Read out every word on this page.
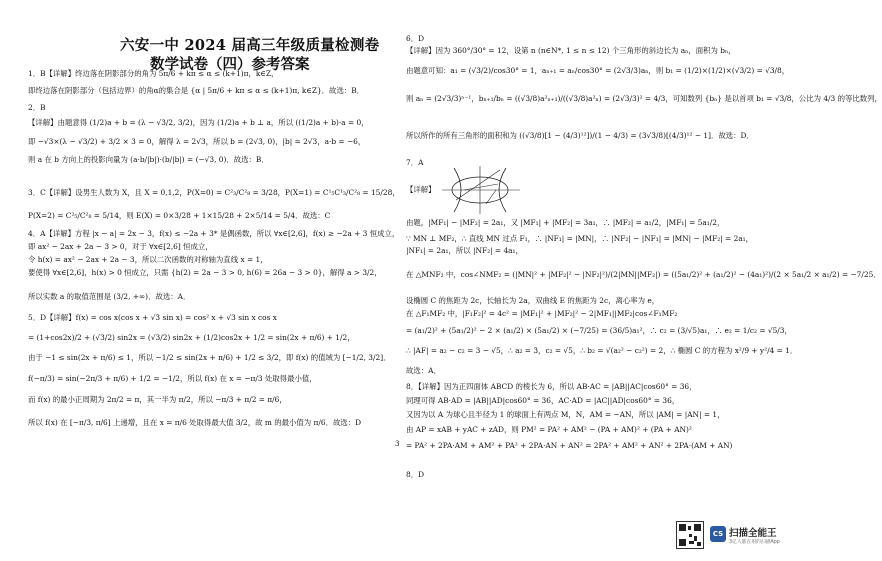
六安一中 2024 届高三年级质量检测卷
数学试卷（四）参考答案
1．B【详解】终边落在阴影部分的角为 5π/6 + kπ ≤ α ≤ (k+1)π，k∈Z，
即终边落在阴影部分（包括边界）的角α的集合是 {α | 5π/6 + kπ ≤ α ≤ (k+1)π, k∈Z}．故选：B．
2．B
【详解】由题意得 (1/2)a + b = (λ − √3/2, 3/2)，因为 (1/2)a + b ⊥ a，所以 ((1/2)a + b)·a = 0，
即 −√3×(λ − √3/2) + 3/2 × 3 = 0，解得 λ = 2√3，所以 b = (2√3, 0)，|b| = 2√3，a·b = −6，
则 a 在 b 方向上的投影向量为 (a·b/|b|)·(b/|b|) = (−√3, 0)．故选：B．
3．C【详解】设男生人数为 X，且 X = 0,1,2，P(X=0) = C²₃/C²₈ = 3/28，P(X=1) = C¹₅C¹₃/C²₈ = 15/28，
P(X=2) = C²₅/C²₈ = 5/14，则 E(X) = 0×3/28 + 1×15/28 + 2×5/14 = 5/4．故选：C
4．A【详解】方程 |x − a| = 2x − 3，f(x) ≤ −2a + 3* 是偶函数，所以 ∀x∈[2,6]，f(x) ≥ −2a + 3 恒成立，
即 ax² − 2ax + 2a − 3 > 0，对于 ∀x∈[2,6] 恒成立，
令 h(x) = ax² − 2ax + 2a − 3，所以二次函数的对称轴为直线 x = 1，
要使得 ∀x∈[2,6]，h(x) > 0 恒成立，只需 {h(2) = 2a − 3 > 0, h(6) = 26a − 3 > 0}，解得 a > 3/2，
所以实数 a 的取值范围是 (3/2, +∞)．故选：A．
5．D【详解】f(x) = cos x(cos x + √3 sin x) = cos² x + √3 sin x cos x
= (1+cos2x)/2 + (√3/2) sin2x = (√3/2) sin2x + (1/2)cos2x + 1/2 = sin(2x + π/6) + 1/2，
由于 −1 ≤ sin(2x + π/6) ≤ 1，所以 −1/2 ≤ sin(2x + π/6) + 1/2 ≤ 3/2，即 f(x) 的值域为 [−1/2, 3/2]．
f(−π/3) = sin(−2π/3 + π/6) + 1/2 = −1/2，所以 f(x) 在 x = −π/3 处取得最小值，
而 f(x) 的最小正周期为 2π/2 = π，其一半为 π/2，所以 −π/3 + π/2 = π/6，
所以 f(x) 在 [−π/3, π/6] 上递增，且在 x = π/6 处取得最大值 3/2，故 m 的最小值为 π/6．故选：D
6．D
【详解】因为 360°/30° = 12，设第 n (n∈N*, 1 ≤ n ≤ 12) 个三角形的斜边长为 aₙ，面积为 bₙ，
由题意可知：a₁ = (√3/2)/cos30° = 1，aₙ₊₁ = aₙ/cos30° = (2√3/3)aₙ，则 b₁ = (1/2)×(1/2)×(√3/2) = √3/8，
则 aₙ = (2√3/3)ⁿ⁻¹，bₙ₊₁/bₙ = ((√3/8)a²ₙ₊₁)/((√3/8)a²ₙ) = (2√3/3)² = 4/3，可知数列 {bₙ} 是以首项 b₁ = √3/8，公比为 4/3 的等比数列，
所以所作的所有三角形的面积和为 ((√3/8)[1 − (4/3)¹²])/(1 − 4/3) = (3√3/8)[(4/3)¹² − 1]．故选：D．
7．A
【详解】
由题，|MF₁| − |MF₂| = 2a₁，又 |MF₁| + |MF₂| = 3a₁，∴ |MF₂| = a₁/2，|MF₁| = 5a₁/2，
∵ MN ⊥ MF₂，∴ 直线 MN 过点 F₁，∴ |NF₁| = |MN|，∴ |NF₂| − |NF₁| = |MN| − |MF₂| = 2a₁，
|NF₁| = 2a₁，所以 |NF₂| = 4a₁，
在 △MNF₂ 中，cos∠NMF₂ = (|MN|² + |MF₂|² − |NF₂|²)/(2|MN||MF₂|) = ((5a₁/2)² + (a₁/2)² − (4a₁)²)/(2 × 5a₁/2 × a₁/2) = −7/25．
设椭圆 C 的焦距为 2c，长轴长为 2a，双曲线 E 的焦距为 2c，离心率为 e，
在 △F₁MF₂ 中，|F₁F₂|² = 4c² = |MF₁|² + |MF₂|² − 2|MF₁||MF₂|cos∠F₁MF₂
= (a₁/2)² + (5a₁/2)² − 2 × (a₁/2) × (5a₁/2) × (−7/25) = (36/5)a₁²，∴ c₂ = (3/√5)a₁，∴ e₂ = 1/c₂ = √5/3，
∴ |AF| = a₂ − c₂ = 3 − √5，∴ a₂ = 3，c₂ = √5，∴ b₂ = √(a₂² − c₂²) = 2，∴ 椭圆 C 的方程为 x²/9 + y²/4 = 1．
故选：A．
8．【详解】因为正四面体 ABCD 的棱长为 6，所以 AB·AC = |AB||AC|cos60° = 36，
同理可得 AB·AD = |AB||AD|cos60° = 36，AC·AD = |AC||AD|cos60° = 36，
又因为以 A 为球心且半径为 1 的球面上有两点 M，N，AM = −AN，所以 |AM| = |AN| = 1，
由 AP = xAB + yAC + zAD，则 PM² = PA² + AM² − (PA + AM)² + (PA + AN)²
= PA² + 2PA·AM + AM² + PA² + 2PA·AN + AN² = 2PA² + AM² + AN² + 2PA·(AM + AN)
8．D
3
CS 扫描全能王
3亿人都在用的扫描App
